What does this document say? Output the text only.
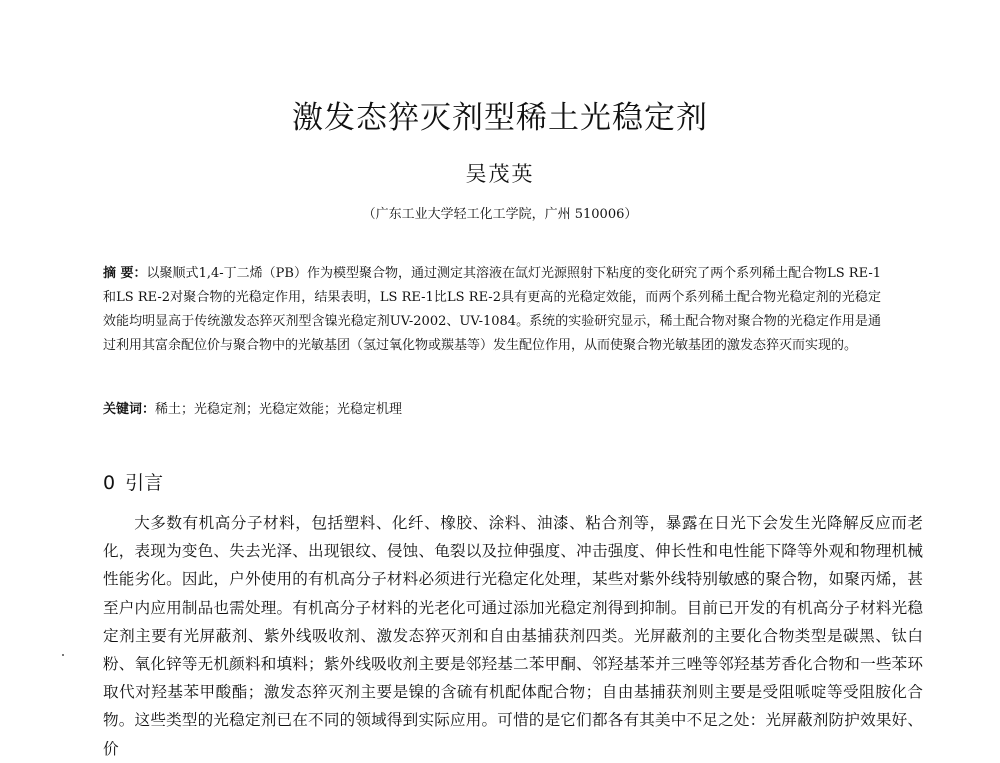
激发态猝灭剂型稀土光稳定剂

吴茂英

（广东工业大学轻工化工学院，广州 510006）

摘 要：以聚顺式1,4-丁二烯（PB）作为模型聚合物，通过测定其溶液在氙灯光源照射下粘度的变化研究了两个系列稀土配合物LS RE-1和LS RE-2对聚合物的光稳定作用，结果表明，LS RE-1比LS RE-2具有更高的光稳定效能，而两个系列稀土配合物光稳定剂的光稳定效能均明显高于传统激发态猝灭剂型含镍光稳定剂UV-2002、UV-1084。系统的实验研究显示，稀土配合物对聚合物的光稳定作用是通过利用其富余配位价与聚合物中的光敏基团（氢过氧化物或羰基等）发生配位作用，从而使聚合物光敏基团的激发态猝灭而实现的。

关键词：稀土；光稳定剂；光稳定效能；光稳定机理

0 引言

大多数有机高分子材料，包括塑料、化纤、橡胶、涂料、油漆、粘合剂等，暴露在日光下会发生光降解反应而老化，表现为变色、失去光泽、出现银纹、侵蚀、龟裂以及拉伸强度、冲击强度、伸长性和电性能下降等外观和物理机械性能劣化。因此，户外使用的有机高分子材料必须进行光稳定化处理，某些对紫外线特别敏感的聚合物，如聚丙烯，甚至户内应用制品也需处理。有机高分子材料的光老化可通过添加光稳定剂得到抑制。目前已开发的有机高分子材料光稳定剂主要有光屏蔽剂、紫外线吸收剂、激发态猝灭剂和自由基捕获剂四类。光屏蔽剂的主要化合物类型是碳黑、钛白粉、氧化锌等无机颜料和填料；紫外线吸收剂主要是邻羟基二苯甲酮、邻羟基苯并三唑等邻羟基芳香化合物和一些苯环取代对羟基苯甲酸酯；激发态猝灭剂主要是镍的含硫有机配体配合物；自由基捕获剂则主要是受阻哌啶等受阻胺化合物。这些类型的光稳定剂已在不同的领域得到实际应用。可惜的是它们都各有其美中不足之处：光屏蔽剂防护效果好、价
